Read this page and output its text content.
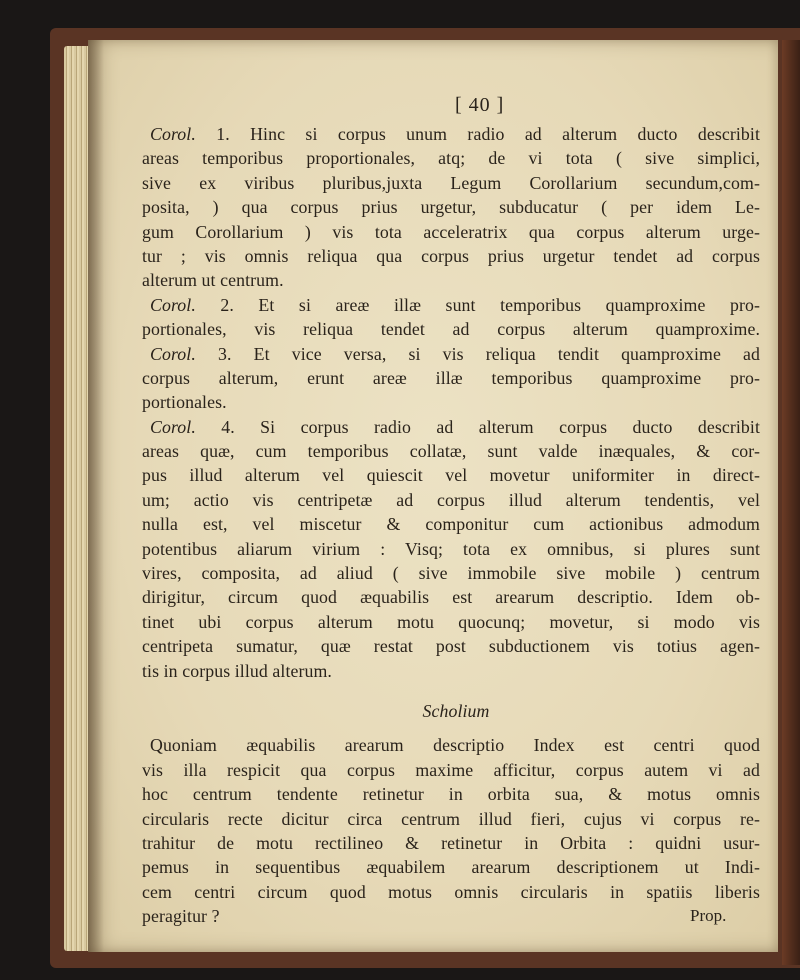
[ 40 ]
Corol. 1. Hinc si corpus unum radio ad alterum ducto describit
areas temporibus proportionales, atq; de vi tota ( sive simplici,
sive ex viribus pluribus,juxta Legum Corollarium secundum,com-
posita, ) qua corpus prius urgetur, subducatur ( per idem Le-
gum Corollarium ) vis tota acceleratrix qua corpus alterum urge-
tur ; vis omnis reliqua qua corpus prius urgetur tendet ad corpus
alterum ut centrum.
Corol. 2. Et si areæ illæ sunt temporibus quamproxime pro-
portionales, vis reliqua tendet ad corpus alterum quamproxime.
Corol. 3. Et vice versa, si vis reliqua tendit quamproxime ad
corpus alterum, erunt areæ illæ temporibus quamproxime pro-
portionales.
Corol. 4. Si corpus radio ad alterum corpus ducto describit
areas quæ, cum temporibus collatæ, sunt valde inæquales, & cor-
pus illud alterum vel quiescit vel movetur uniformiter in direct-
um; actio vis centripetæ ad corpus illud alterum tendentis, vel
nulla est, vel miscetur & componitur cum actionibus admodum
potentibus aliarum virium : Visq; tota ex omnibus, si plures sunt
vires, composita, ad aliud ( sive immobile sive mobile ) centrum
dirigitur, circum quod æquabilis est arearum descriptio. Idem ob-
tinet ubi corpus alterum motu quocunq; movetur, si modo vis
centripeta sumatur, quæ restat post subductionem vis totius agen-
tis in corpus illud alterum.
Scholium
Quoniam æquabilis arearum descriptio Index est centri quod
vis illa respicit qua corpus maxime afficitur, corpus autem vi ad
hoc centrum tendente retinetur in orbita sua, & motus omnis
circularis recte dicitur circa centrum illud fieri, cujus vi corpus re-
trahitur de motu rectilineo & retinetur in Orbita : quidni usur-
pemus in sequentibus æquabilem arearum descriptionem ut Indi-
cem centri circum quod motus omnis circularis in spatiis liberis
peragitur ?	Prop.
